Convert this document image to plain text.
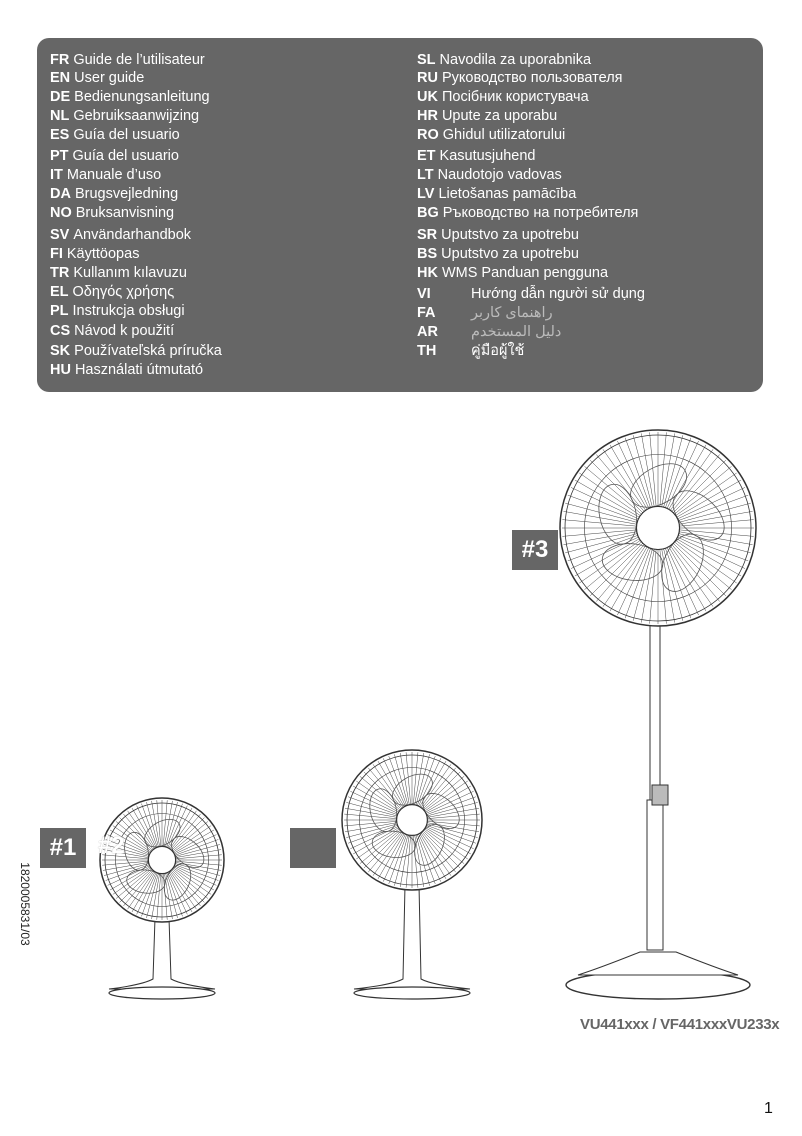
#3
#1 #2
1820005831/03
VU441xxx / VF441xxxVU233x
1
FR Guide de l’utilisateur
EN User guide
DE Bedienungsanleitung
NL Gebruiksaanwijzing
ES Guía del usuario
PT Guía del usuario
IT Manuale d’uso
DA Brugsvejledning
NO Bruksanvisning
SV Användarhandbok
FI Käyttöopas
TR Kullanım kılavuzu
EL Οδηγός χρήσης
PL Instrukcja obsługi
CS Návod k použití
SK Používateľská príručka
HU Használati útmutató
SL Navodila za uporabnika
RU Руководство пользователя
UK Посібник користувача
HR Upute za uporabu
RO Ghidul utilizatorului
ET Kasutusjuhend
LT Naudotojo vadovas
LV Lietošanas pamācība
BG Ръководство на потребителя
SR Uputstvo za upotrebu
BS Uputstvo za upotrebu
HK WMS Panduan pengguna
VI	Hướng dẫn người sử dụng
FA راهنمای کاربر
AR دليل المستخدم
TH คู่มือผู้ใช้
